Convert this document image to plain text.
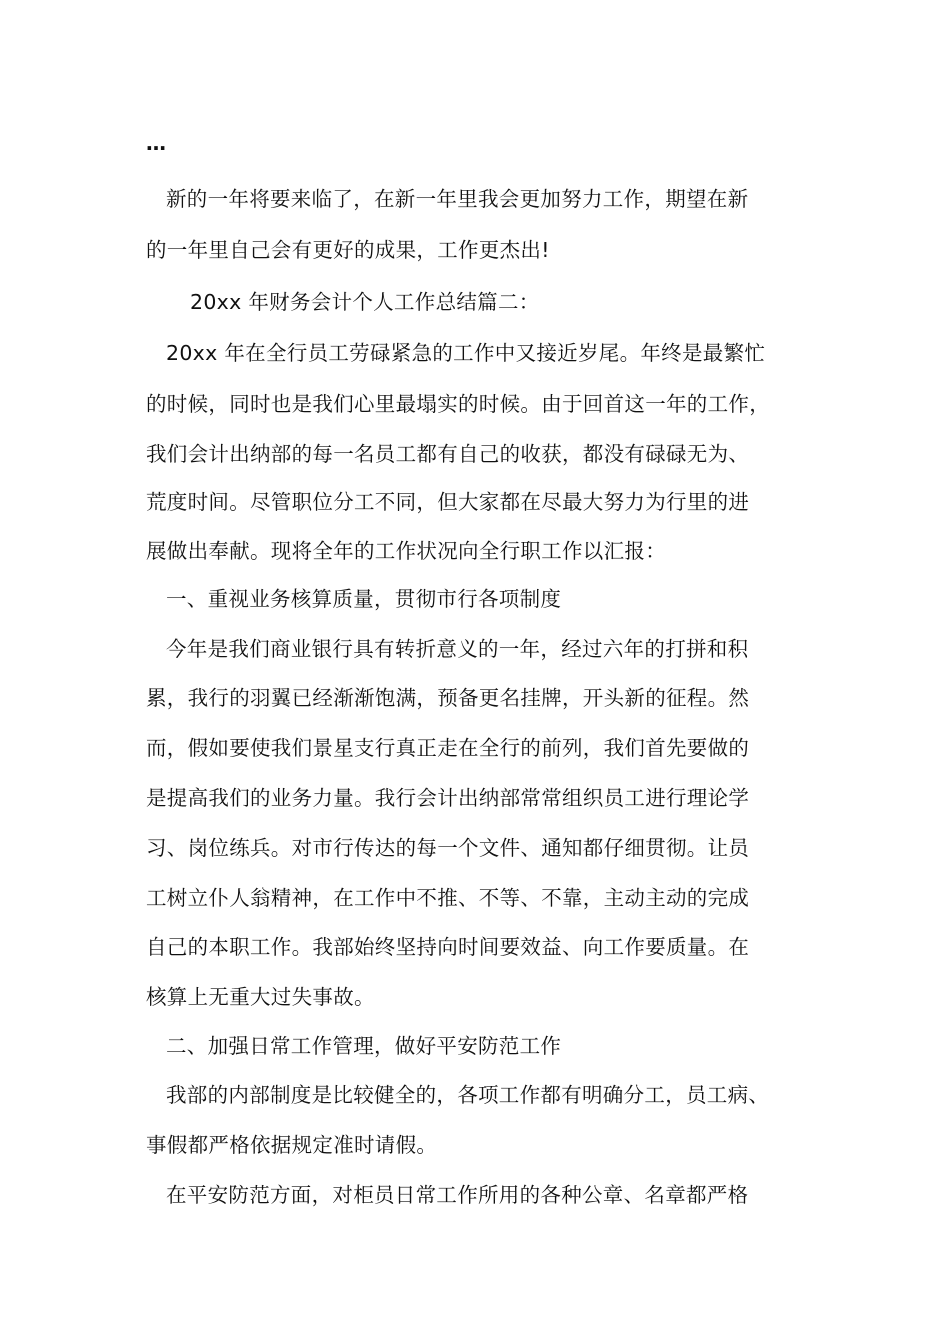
…
新的一年将要来临了，在新一年里我会更加努力工作，期望在新
的一年里自己会有更好的成果，工作更杰出!
20xx 年财务会计个人工作总结篇二：
20xx 年在全行员工劳碌紧急的工作中又接近岁尾。年终是最繁忙
的时候，同时也是我们心里最塌实的时候。由于回首这一年的工作，
我们会计出纳部的每一名员工都有自己的收获，都没有碌碌无为、
荒度时间。尽管职位分工不同，但大家都在尽最大努力为行里的进
展做出奉献。现将全年的工作状况向全行职工作以汇报：
一、重视业务核算质量，贯彻市行各项制度
今年是我们商业银行具有转折意义的一年，经过六年的打拼和积
累，我行的羽翼已经渐渐饱满，预备更名挂牌，开头新的征程。然
而，假如要使我们景星支行真正走在全行的前列，我们首先要做的
是提高我们的业务力量。我行会计出纳部常常组织员工进行理论学
习、岗位练兵。对市行传达的每一个文件、通知都仔细贯彻。让员
工树立仆人翁精神，在工作中不推、不等、不靠，主动主动的完成
自己的本职工作。我部始终坚持向时间要效益、向工作要质量。在
核算上无重大过失事故。
二、加强日常工作管理，做好平安防范工作
我部的内部制度是比较健全的，各项工作都有明确分工，员工病、
事假都严格依据规定准时请假。
在平安防范方面，对柜员日常工作所用的各种公章、名章都严格
